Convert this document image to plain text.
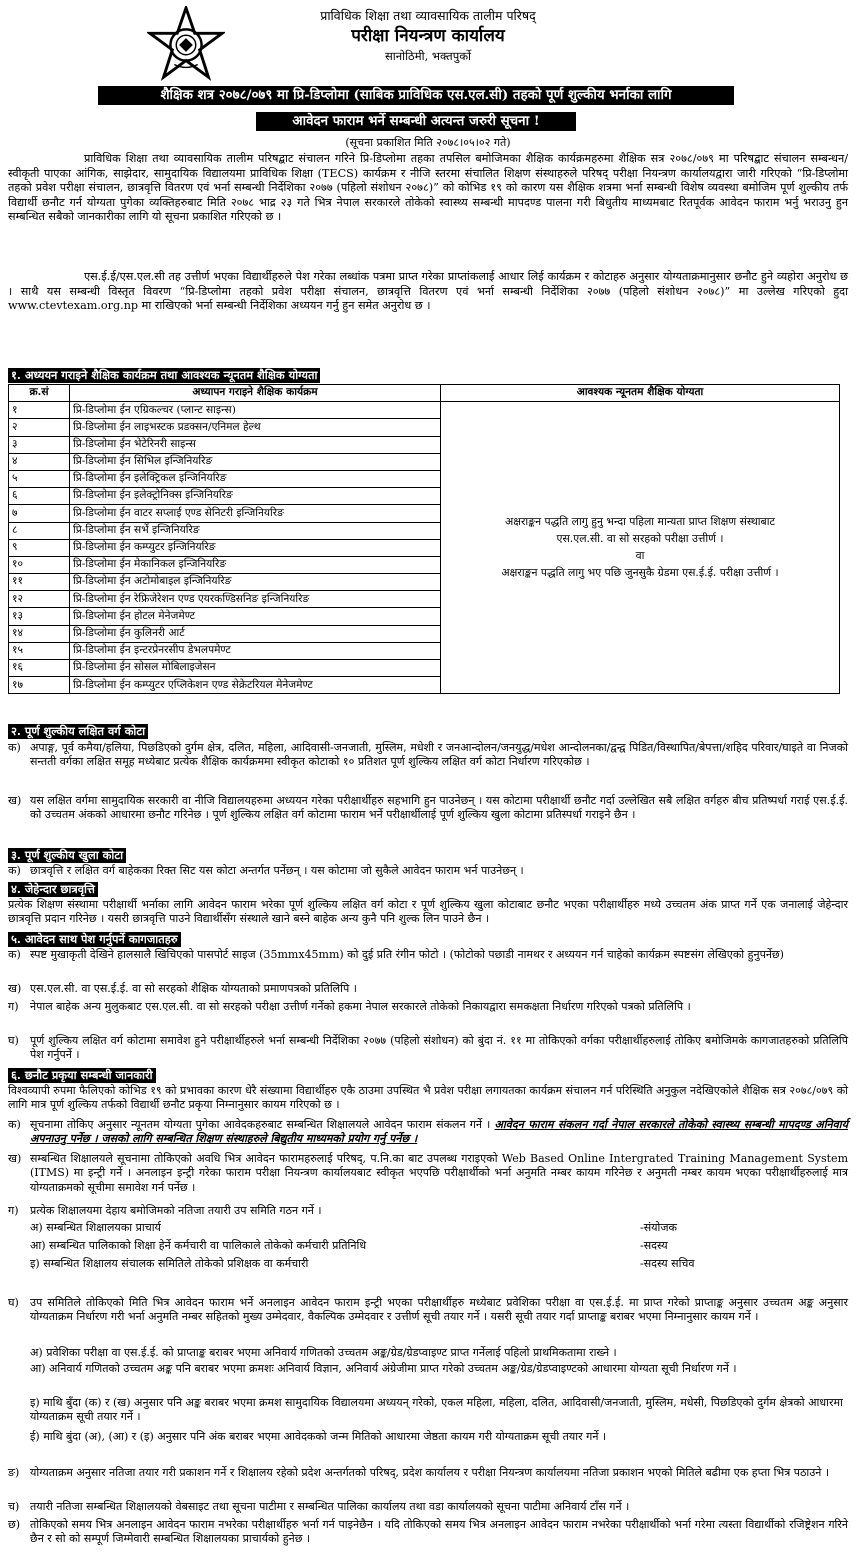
प्राविधिक शिक्षा तथा व्यावसायिक तालीम परिषद्
परीक्षा नियन्त्रण कार्यालय
सानोठिमी, भक्तपुर्को
शैक्षिक शत्र २०७८/०७९ मा प्रि-डिप्लोमा (साबिक प्राविधिक एस.एल.सी) तहको पूर्ण शुल्कीय भर्नाका लागि
आवेदन फाराम भर्ने सम्बन्धी अत्यन्त जरुरी सूचना !
(सूचना प्रकाशित मिति २०७८।०५।०२ गते)
प्राविधिक शिक्षा तथा व्यावसायिक तालीम परिषद्बाट संचालन गरिने प्रि-डिप्लोमा तहका तपसिल बमोजिमका शैक्षिक कार्यक्रमहरुमा शैक्षिक सत्र २०७८/०७९ मा परिषद्बाट संचालन सम्बन्धन/स्वीकृती पाएका आंगिक, साझेदार, सामुदायिक विद्यालयमा प्राविधिक शिक्षा (TECS) कार्यक्रम र नीजि स्तरमा संचालित शिक्षण संस्थाहरुले परिषद् परीक्षा नियन्त्रण कार्यालयद्वारा जारी गरिएको “प्रि-डिप्लोमा तहको प्रवेश परीक्षा संचालन, छात्रवृत्ति वितरण एवं भर्ना सम्बन्धी निर्देशिका २०७७ (पहिलो संशोधन २०७८)” को कोभिड १९ को कारण यस शैक्षिक शत्रमा भर्ना सम्बन्धी विशेष व्यवस्था बमोजिम पूर्ण शुल्कीय तर्फ विद्यार्थी छनौट गर्न योग्यता पुगेका व्यक्तिहरुबाट मिति २०७८ भाद्र २३ गते भित्र नेपाल सरकारले तोकेको स्वास्थ्य सम्बन्धी मापदण्ड पालना गरी बिधुतीय माध्यमबाट रितपूर्वक आवेदन फाराम भर्नु भराउनु हुन सम्बन्धित सबैको जानकारीका लागि यो सूचना प्रकाशित गरिएको छ ।
एस.ई.ई/एस.एल.सी तह उत्तीर्ण भएका विद्यार्थीहरुले पेश गरेका लब्धांक पत्रमा प्राप्त गरेका प्राप्तांकलाई आधार लिई कार्यक्रम र कोटाहरु अनुसार योग्यताक्रमानुसार छनौट हुने व्यहोरा अनुरोध छ । साथै यस सम्बन्धी विस्तृत विवरण “प्रि-डिप्लोमा तहको प्रवेश परीक्षा संचालन, छात्रवृत्ति वितरण एवं भर्ना सम्बन्धी निर्देशिका २०७७ (पहिलो संशोधन २०७८)” मा उल्लेख गरिएको हुदा www.ctevtexam.org.np मा राखिएको भर्ना सम्बन्धी निर्देशिका अध्ययन गर्नु हुन समेत अनुरोध छ ।
१. अध्ययन गराइने शैक्षिक कार्यक्रम तथा आवश्यक न्यूनतम शैक्षिक योग्यता
क्र.सं	अध्यापन गराइने शैक्षिक कार्यक्रम	आवश्यक न्यूनतम शैक्षिक योग्यता
१	प्रि-डिप्लोमा ईन एग्रिकल्चर (प्लान्ट साइन्स)	अक्षराङ्कन पद्धति लागु हुनु भन्दा पहिला मान्यता प्राप्त शिक्षण संस्थाबाट
एस.एल.सी. वा सो सरहको परीक्षा उत्तीर्ण ।
वा
अक्षराङ्कन पद्धति लागु भए पछि जुनसुकै ग्रेडमा एस.ई.ई. परीक्षा उत्तीर्ण ।

२	प्रि-डिप्लोमा ईन लाइभस्टक प्रडक्सन/एनिमल हेल्थ	
३	प्रि-डिप्लोमा ईन भेटेरिनरी साइन्स	
४	प्रि-डिप्लोमा ईन सिभिल इन्जिनियरिङ	
५	प्रि-डिप्लोमा ईन इलेक्ट्रिकल इन्जिनियरिङ	
६	प्रि-डिप्लोमा ईन इलेक्ट्रोनिक्स इन्जिनियरिङ	
७	प्रि-डिप्लोमा ईन वाटर सप्लाई एण्ड सेनिटरी इन्जिनियरिङ	
८	प्रि-डिप्लोमा ईन सर्भे इन्जिनियरिङ	
९	प्रि-डिप्लोमा ईन कम्प्युटर इन्जिनियरिङ	
१०	प्रि-डिप्लोमा ईन मेकानिकल इन्जिनियरिङ	
११	प्रि-डिप्लोमा ईन अटोमोबाइल इन्जिनियरिङ	
१२	प्रि-डिप्लोमा ईन रेफ्रिजेरेशन एण्ड एयरकण्डिसनिङ इन्जिनियरिङ	
१३	प्रि-डिप्लोमा ईन होटल मेनेजमेण्ट	
१४	प्रि-डिप्लोमा ईन कुलिनरी आर्ट	
१५	प्रि-डिप्लोमा ईन इन्टरप्रेनरसीप डेभलपमेण्ट	
१६	प्रि-डिप्लोमा ईन सोसल मोबिलाइजेसन	
१७	प्रि-डिप्लोमा ईन कम्प्युटर एप्लिकेशन एण्ड सेक्रेटरियल मेनेजमेण्ट	
२. पूर्ण शुल्कीय लक्षित वर्ग कोटा
क) अपाङ्ग, पूर्व कमैया/हलिया, पिछडिएको दुर्गम क्षेत्र, दलित, महिला, आदिवासी-जनजाती, मुस्लिम, मधेशी र जनआन्दोलन/जनयुद्ध/मधेश आन्दोलनका/द्वन्द्व पिडित/विस्थापित/बेपत्ता/शहिद परिवार/घाइते वा निजको सन्तती वर्गका लक्षित समूह मध्येबाट प्रत्येक शैक्षिक कार्यक्रममा स्वीकृत कोटाको १० प्रतिशत पूर्ण शुल्किय लक्षित वर्ग कोटा निर्धारण गरिएकोछ ।
ख) यस लक्षित वर्गमा सामुदायिक सरकारी वा नीजि विद्यालयहरुमा अध्ययन गरेका परीक्षार्थीहरु सहभागि हुन पाउनेछन् । यस कोटामा परीक्षार्थी छनौट गर्दा उल्लेखित सबै लक्षित वर्गहरु बीच प्रतिष्पर्धा गराई एस.ई.ई. को उच्चतम अंकको आधारमा छनौट गरिनेछ । पूर्ण शुल्किय लक्षित वर्ग कोटामा फाराम भर्ने परीक्षार्थीलाई पूर्ण शुल्किय खुला कोटामा प्रतिस्पर्धा गराइने छैन ।
३. पूर्ण शुल्कीय खुला कोटा
क) छात्रवृत्ति र लक्षित वर्ग बाहेकका रिक्त सिट यस कोटा अन्तर्गत पर्नेछन् । यस कोटामा जो सुकैले आवेदन फाराम भर्न पाउनेछन् ।
४. जेहेन्दार छात्रवृत्ति
प्रत्येक शिक्षण संस्थामा परीक्षार्थी भर्नाका लागि आवेदन फाराम भरेका पूर्ण शुल्किय लक्षित वर्ग कोटा र पूर्ण शुल्किय खुला कोटाबाट छनौट भएका परीक्षार्थीहरु मध्ये उच्चतम अंक प्राप्त गर्ने एक जनालाई जेहेन्दार छात्रवृत्ति प्रदान गरिनेछ । यसरी छात्रवृत्ति पाउने विद्यार्थीसँग संस्थाले खाने बस्ने बाहेक अन्य कुनै पनि शुल्क लिन पाउने छैन ।
५. आवेदन साथ पेश गर्नुपर्ने कागजातहरु
क) स्पष्ट मुखाकृती देखिने हालसालै खिचिएको पासपोर्ट साइज (35mmx45mm) को दुई प्रति रंगीन फोटो । (फोटोको पछाडी नामथर र अध्ययन गर्न चाहेको कार्यक्रम स्पष्टसंग लेखिएको हुनुपर्नेछ)
ख) एस.एल.सी. वा एस.ई.ई. वा सो सरहको शैक्षिक योग्यताको प्रमाणपत्रको प्रतिलिपि ।
ग) नेपाल बाहेक अन्य मुलुकबाट एस.एल.सी. वा सो सरहको परीक्षा उत्तीर्ण गर्नेको हकमा नेपाल सरकारले तोकेको निकायद्वारा समकक्षता निर्धारण गरिएको पत्रको प्रतिलिपि ।
घ) पूर्ण शुल्किय लक्षित वर्ग कोटामा समावेश हुने परीक्षार्थीहरुले भर्ना सम्बन्धी निर्देशिका २०७७ (पहिलो संशोधन) को बुंदा नं. ११ मा तोकिएको वर्गका परीक्षार्थीहरुलाई तोकिए बमोजिमके कागजातहरुको प्रतिलिपि पेश गर्नुपर्ने ।
६. छनौट प्रकृया सम्बन्धी जानकारी
विश्वव्यापी रुपमा फैलिएको कोभिड १९ को प्रभावका कारण धेरै संख्यामा विद्यार्थीहरु एकै ठाउमा उपस्थित भै प्रवेश परीक्षा लगायतका कार्यक्रम संचालन गर्न परिस्थिति अनुकुल नदेखिएकोले शैक्षिक सत्र २०७८/०७९ को लागि मात्र पूर्ण शुल्किय तर्फको विद्यार्थी छनौट प्रकृया निम्नानुसार कायम गरिएको छ ।
क) सूचनामा तोकिए अनुसार न्यूनतम योग्यता पुगेका आवेदकहरुबाट सम्बन्धित शिक्षालयले आवेदन फाराम संकलन गर्ने । आवेदन फाराम संकलन गर्दा नेपाल सरकारले तोकेको स्वास्थ्य सम्बन्धी मापदण्ड अनिवार्य अपनाउनु पर्नेछ । जसको लागि सम्बन्धित शिक्षण संस्थाहरुले बिद्युतीय माध्यमको प्रयोग गर्नु पर्नेछ ।
ख) सम्बन्धित शिक्षालयले सूचनामा तोकिएको अवधि भित्र आवेदन फारामहरुलाई परिषद्, प.नि.का बाट उपलब्ध गराइएको Web Based Online Intergrated Training Management System (ITMS) मा इन्ट्री गर्ने । अनलाइन इन्ट्री गरेका फाराम परीक्षा नियन्त्रण कार्यालयबाट स्वीकृत भएपछि परीक्षार्थीको भर्ना अनुमति नम्बर कायम गरिनेछ र अनुमती नम्बर कायम भएका परीक्षार्थीहरुलाई मात्र योग्यताक्रमको सूचीमा समावेश गर्न पर्नेछ ।
ग) प्रत्येक शिक्षालयमा देहाय बमोजिमको नतिजा तयारी उप समिति गठन गर्ने ।
अ) सम्बन्धित शिक्षालयका प्राचार्य	-संयोजक
आ) सम्बन्धित पालिकाको शिक्षा हेर्ने कर्मचारी वा पालिकाले तोकेको कर्मचारी प्रतिनिधि	-सदस्य
इ) सम्बन्धित शिक्षालय संचालक समितिले तोकेको प्रशिक्षक वा कर्मचारी	-सदस्य सचिव
घ) उप समितिले तोकिएको मिति भित्र आवेदन फाराम भर्ने अनलाइन आवेदन फाराम इन्ट्री भएका परीक्षार्थीहरु मध्येबाट प्रवेशिका परीक्षा वा एस.ई.ई. मा प्राप्त गरेको प्राप्ताङ्क अनुसार उच्चतम अङ्क अनुसार योग्यताक्रम निर्धारण गरी भर्ना अनुमति नम्बर सहितको मुख्य उम्मेदवार, वैकल्पिक उम्मेदवार र उत्तीर्ण सूची तयार गर्ने । यसरी सूची तयार गर्दा प्राप्ताङ्क बराबर भएमा निम्नानुसार कायम गर्ने ।
अ) प्रवेशिका परीक्षा वा एस.ई.ई. को प्राप्ताङ्क बराबर भएमा अनिवार्य गणितको उच्चतम अङ्क/ग्रेड/ग्रेडप्वाइण्ट प्राप्त गर्नेलाई पहिलो प्राथमिकतामा राख्ने ।
आ) अनिवार्य गणितको उच्चतम अङ्क पनि बराबर भएमा क्रमशः अनिवार्य विज्ञान, अनिवार्य अंग्रेजीमा प्राप्त गरेको उच्चतम अङ्क/ग्रेड/ग्रेडप्वाइण्टको आधारमा योग्यता सूची निर्धारण गर्ने ।
इ) माथि बुँदा (क) र (ख) अनुसार पनि अङ्क बराबर भएमा क्रमश सामुदायिक विद्यालयमा अध्ययन् गरेको, एकल महिला, महिला, दलित, आदिवासी/जनजाती, मुस्लिम, मधेसी, पिछडिएको दुर्गम क्षेत्रको आधारमा योग्यताक्रम सूची तयार गर्ने ।
ई) माथि बुंदा (अ), (आ) र (इ) अनुसार पनि अंक बराबर भएमा आवेदकको जन्म मितिको आधारमा जेष्ठता कायम गरी योग्यताक्रम सूची तयार गर्ने ।
ङ) योग्यताक्रम अनुसार नतिजा तयार गरी प्रकाशन गर्ने र शिक्षालय रहेको प्रदेश अन्तर्गतको परिषद्, प्रदेश कार्यालय र परीक्षा नियन्त्रण कार्यालयमा नतिजा प्रकाशन भएको मितिले बढीमा एक हप्ता भित्र पठाउने ।
च) तयारी नतिजा सम्बन्धित शिक्षालयको वेबसाइट तथा सूचना पाटीमा र सम्बन्धित पालिका कार्यालय तथा वडा कार्यालयको सूचना पाटीमा अनिवार्य टाँस गर्ने ।
छ) तोकिएको समय भित्र अनलाइन आवेदन फाराम नभरेका परीक्षार्थीहरु भर्ना गर्न पाइनेछैन । यदि तोकिएको समय भित्र अनलाइन आवेदन फाराम नभरेका परीक्षार्थीको भर्ना गरेमा त्यस्ता विद्यार्थीको रजिष्ट्रेशन गरिने छैन र सो को सम्पूर्ण जिम्मेवारी सम्बन्धित शिक्षालयका प्राचार्यको हुनेछ ।
